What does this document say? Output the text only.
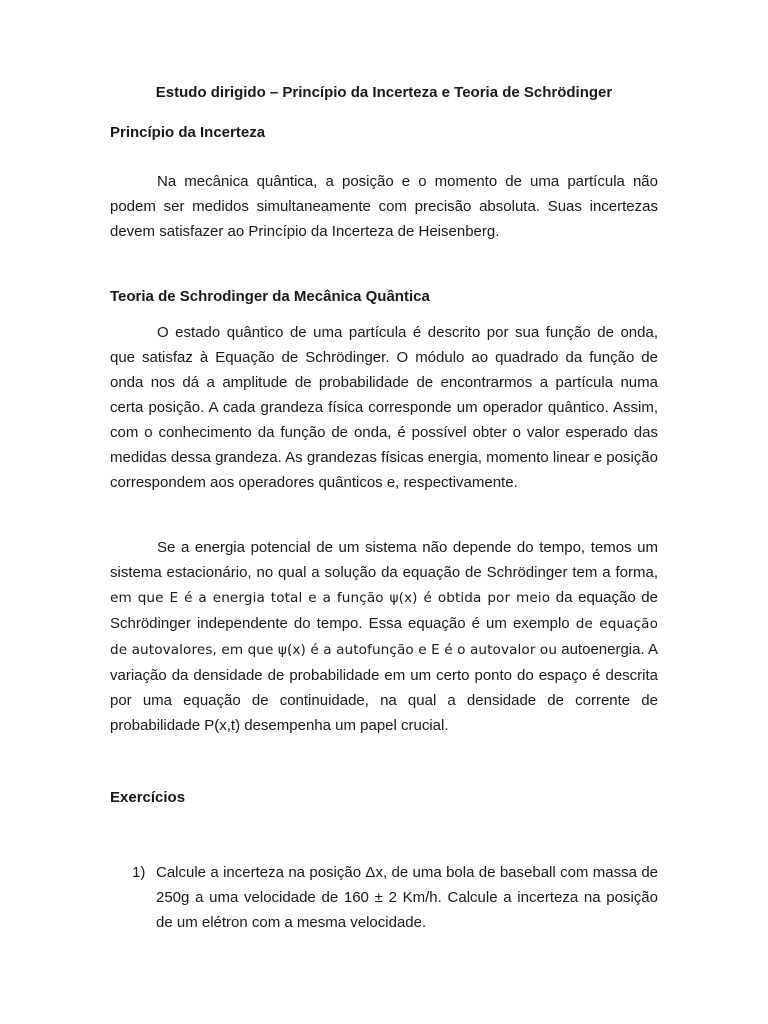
Estudo dirigido – Princípio da Incerteza e Teoria de Schrödinger
Princípio da Incerteza

Na mecânica quântica, a posição e o momento de uma partícula não podem ser medidos simultaneamente com precisão absoluta. Suas incertezas devem satisfazer ao Princípio da Incerteza de Heisenberg.

Teoria de Schrodinger da Mecânica Quântica

O estado quântico de uma partícula é descrito por sua função de onda, que satisfaz à Equação de Schrödinger. O módulo ao quadrado da função de onda nos dá a amplitude de probabilidade de encontrarmos a partícula numa certa posição. A cada grandeza física corresponde um operador quântico. Assim, com o conhecimento da função de onda, é possível obter o valor esperado das medidas dessa grandeza. As grandezas físicas energia, momento linear e posição correspondem aos operadores quânticos e, respectivamente.

Se a energia potencial de um sistema não depende do tempo, temos um sistema estacionário, no qual a solução da equação de Schrödinger tem a forma, em que E é a energia total e a função ψ(x) é obtida por meio da equação de Schrödinger independente do tempo. Essa equação é um exemplo de equação de autovalores, em que ψ(x) é a autofunção e E é o autovalor ou autoenergia. A variação da densidade de probabilidade em um certo ponto do espaço é descrita por uma equação de continuidade, na qual a densidade de corrente de probabilidade P(x,t) desempenha um papel crucial.

Exercícios
1) Calcule a incerteza na posição Δx, de uma bola de baseball com massa de 250g a uma velocidade de 160 ± 2 Km/h. Calcule a incerteza na posição de um elétron com a mesma velocidade.
